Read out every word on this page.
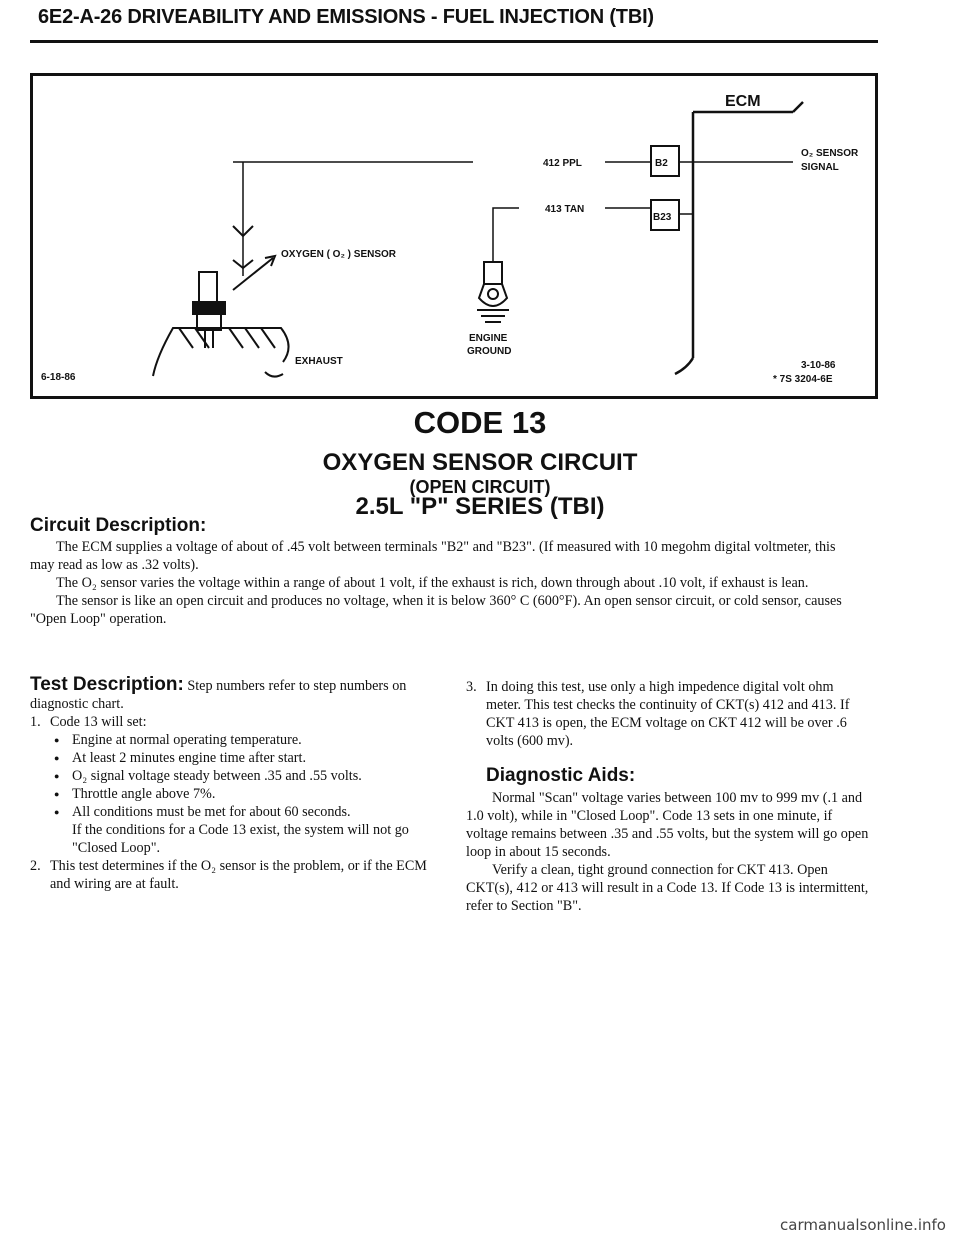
6E2-A-26 DRIVEABILITY AND EMISSIONS - FUEL INJECTION (TBI)
ECM
B2
B23
412 PPL
O₂ SENSOR
SIGNAL
413 TAN
ENGINE
GROUND
OXYGEN ( O₂ ) SENSOR
EXHAUST
6-18-86
3-10-86
* 7S 3204-6E
CODE 13
OXYGEN SENSOR CIRCUIT
(OPEN CIRCUIT)
2.5L "P" SERIES (TBI)
Circuit Description:

The ECM supplies a voltage of about of .45 volt between terminals "B2" and "B23". (If measured with 10 megohm digital voltmeter, this may read as low as .32 volts).

The O₂ sensor varies the voltage within a range of about 1 volt, if the exhaust is rich, down through about .10 volt, if exhaust is lean.

The sensor is like an open circuit and produces no voltage, when it is below 360° C (600°F). An open sensor circuit, or cold sensor, causes "Open Loop" operation.

Test Description: Step numbers refer to step numbers on diagnostic chart.

1. Code 13 will set:
● Engine at normal operating temperature.
● At least 2 minutes engine time after start.
● O₂ signal voltage steady between .35 and .55 volts.
● Throttle angle above 7%.
● All conditions must be met for about 60 seconds.

If the conditions for a Code 13 exist, the system will not go "Closed Loop".

2. This test determines if the O₂ sensor is the problem, or if the ECM and wiring are at fault.
3. In doing this test, use only a high impedence digital volt ohm meter. This test checks the continuity of CKT(s) 412 and 413. If CKT 413 is open, the ECM voltage on CKT 412 will be over .6 volts (600 mv).
Diagnostic Aids:

Normal "Scan" voltage varies between 100 mv to 999 mv (.1 and 1.0 volt), while in "Closed Loop". Code 13 sets in one minute, if voltage remains between .35 and .55 volts, but the system will go open loop in about 15 seconds.

Verify a clean, tight ground connection for CKT 413. Open CKT(s), 412 or 413 will result in a Code 13. If Code 13 is intermittent, refer to Section "B".

carmanualsonline.info
